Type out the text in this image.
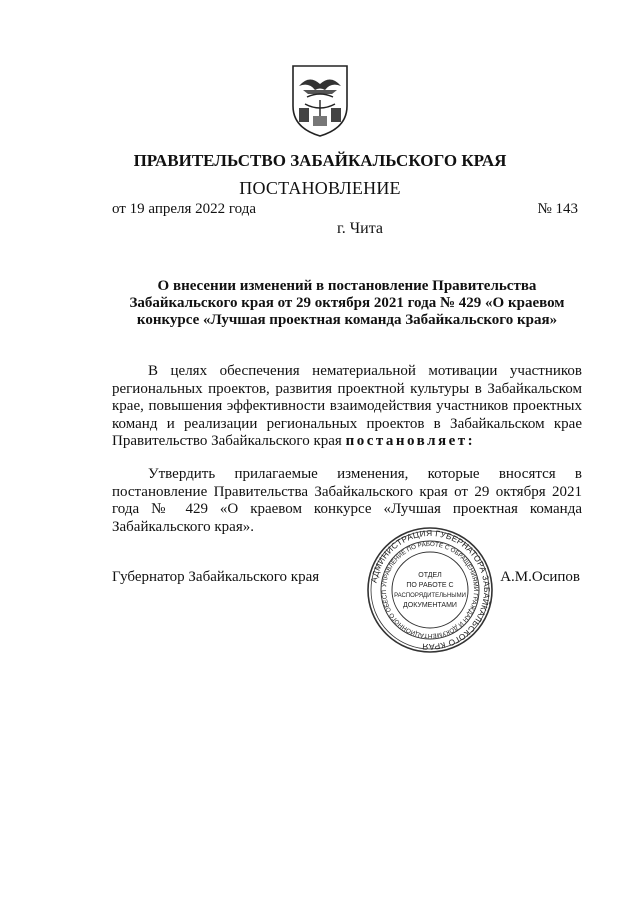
ПРАВИТЕЛЬСТВО ЗАБАЙКАЛЬСКОГО КРАЯ
ПОСТАНОВЛЕНИЕ
от 19 апреля 2022 года	№ 143
г. Чита
О внесении изменений в постановление Правительства Забайкальского края от 29 октября 2021 года № 429 «О краевом конкурсе «Лучшая проектная команда Забайкальского края»
В целях обеспечения нематериальной мотивации участников региональных проектов, развития проектной культуры в Забайкальском крае, повышения эффективности взаимодействия участников проектных команд и реализации региональных проектов в Забайкальском крае Правительство Забайкальского края постановляет:
Утвердить прилагаемые изменения, которые вносятся в постановление Правительства Забайкальского края от 29 октября 2021 года № 429 «О краевом конкурсе «Лучшая проектная команда Забайкальского края».
Губернатор Забайкальского края	А.М.Осипов
АДМИНИСТРАЦИЯ ГУБЕРНАТОРА ЗАБАЙКАЛЬСКОГО КРАЯ
УПРАВЛЕНИЕ ПО РАБОТЕ С ОБРАЩЕНИЯМИ ГРАЖДАН И ДОКУМЕНТАЦИОННОГО ОБЕСП
ОТДЕЛ
ПО РАБОТЕ С
РАСПОРЯДИТЕЛЬНЫМИ
ДОКУМЕНТАМИ
